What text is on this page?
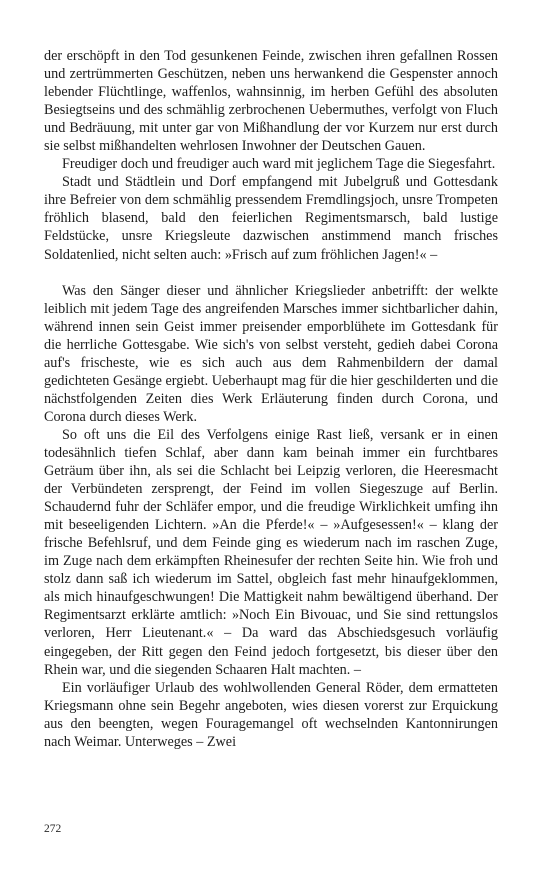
der erschöpft in den Tod gesunkenen Feinde, zwischen ihren gefallnen Rossen und zertrümmerten Geschützen, neben uns herwankend die Gespenster annoch lebender Flüchtlinge, waffenlos, wahnsinnig, im herben Gefühl des absoluten Besiegtseins und des schmählig zerbrochenen Uebermuthes, verfolgt von Fluch und Bedräuung, mit unter gar von Mißhandlung der vor Kurzem nur erst durch sie selbst mißhandelten wehrlosen Inwohner der Deutschen Gauen.

Freudiger doch und freudiger auch ward mit jeglichem Tage die Siegesfahrt.

Stadt und Städtlein und Dorf empfangend mit Jubelgruß und Gottesdank ihre Befreier von dem schmählig pressendem Fremdlingsjoch, unsre Trompeten fröhlich blasend, bald den feierlichen Regimentsmarsch, bald lustige Feldstücke, unsre Kriegsleute dazwischen anstimmend manch frisches Soldatenlied, nicht selten auch: »Frisch auf zum fröhlichen Jagen!« –

Was den Sänger dieser und ähnlicher Kriegslieder anbetrifft: der welkte leiblich mit jedem Tage des angreifenden Marsches immer sichtbarlicher dahin, während innen sein Geist immer preisender emporblühete im Gottesdank für die herrliche Gottesgabe. Wie sich's von selbst versteht, gedieh dabei Corona auf's frischeste, wie es sich auch aus dem Rahmenbildern der damal gedichteten Gesänge ergiebt. Ueberhaupt mag für die hier geschilderten und die nächstfolgenden Zeiten dies Werk Erläuterung finden durch Corona, und Corona durch dieses Werk.

So oft uns die Eil des Verfolgens einige Rast ließ, versank er in einen todesähnlich tiefen Schlaf, aber dann kam beinah immer ein furchtbares Geträum über ihn, als sei die Schlacht bei Leipzig verloren, die Heeresmacht der Verbündeten zersprengt, der Feind im vollen Siegeszuge auf Berlin. Schaudernd fuhr der Schläfer empor, und die freudige Wirklichkeit umfing ihn mit beseeligenden Lichtern. »An die Pferde!« – »Aufgesessen!« – klang der frische Befehlsruf, und dem Feinde ging es wiederum nach im raschen Zuge, im Zuge nach dem erkämpften Rheinesufer der rechten Seite hin. Wie froh und stolz dann saß ich wiederum im Sattel, obgleich fast mehr hinaufgeklommen, als mich hinaufgeschwungen! Die Mattigkeit nahm bewältigend überhand. Der Regimentsarzt erklärte amtlich: »Noch Ein Bivouac, und Sie sind rettungslos verloren, Herr Lieutenant.« – Da ward das Abschiedsgesuch vorläufig eingegeben, der Ritt gegen den Feind jedoch fortgesetzt, bis dieser über den Rhein war, und die siegenden Schaaren Halt machten. –

Ein vorläufiger Urlaub des wohlwollenden General Röder, dem ermatteten Kriegsmann ohne sein Begehr angeboten, wies diesen vorerst zur Erquickung aus den beengten, wegen Fouragemangel oft wechselnden Kantonnirungen nach Weimar. Unterweges – Zwei

272
